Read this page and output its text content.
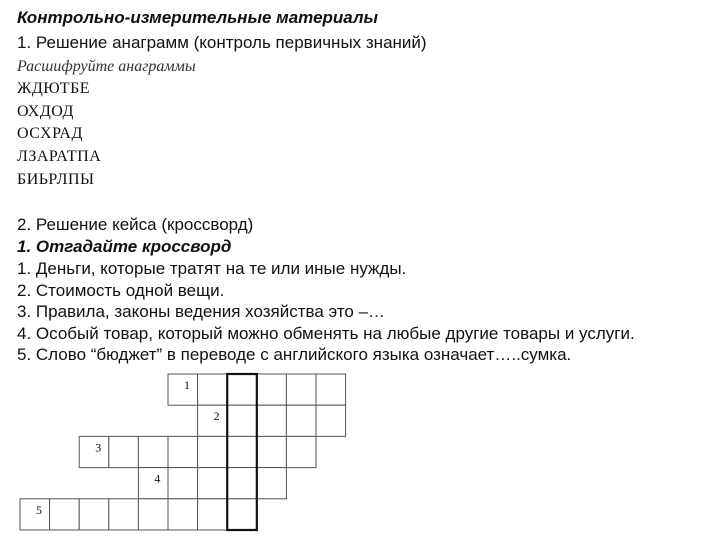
Контрольно-измерительные материалы
1. Решение анаграмм (контроль первичных знаний)
Расшифруйте анаграммы
ЖДЮТБЕ
ОХДОД
ОСХРАД
ЛЗАРАТПА
БИЬРЛПЫ
2. Решение кейса (кроссворд)
1. Отгадайте кроссворд
1. Деньги, которые тратят на те или иные нужды.
2. Стоимость одной вещи.
3. Правила, законы ведения хозяйства это –…
4. Особый товар, который можно обменять на любые другие товары и услуги.
5. Слово “бюджет” в переводе с английского языка означает…..сумка.
1
2
3
4
5
